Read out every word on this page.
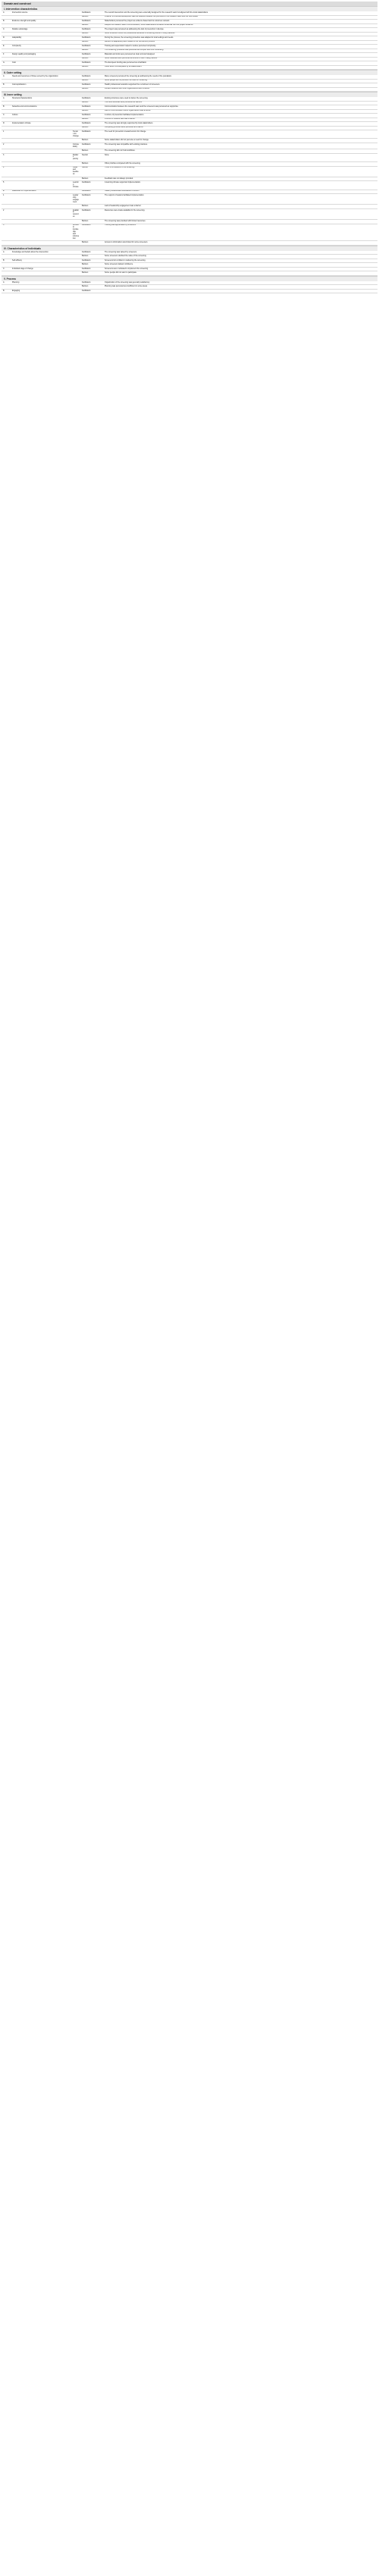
Domain and construct
I. Intervention characteristics
A	Intervention source		Facilitators	The overall intervention and the screening were externally designed for the research team but aligned with the local stakeholders.
			Barriers	A barrier for internal development was the distance between the promoters of the research team and the CDR areas.
B	Evidence strength and quality		Facilitators	Stakeholders perceived the project as evidence based and its outcomes relevant.
			Barriers	Despite the research team's communication, some stakeholders remained unfamiliar with the project evidence.
C	Relative advantage		Facilitators	The project was perceived as addressing the lack of prevention in Europe.
			Barriers	Some screeners found the professional demands of screening difficult in busy practices.
D	Adaptability		Facilitators	During the process, the screening procedure was adapted to local settings and needs.
			Barriers	Barriers to adaptability were related to the recruitment process.
E	Complexity		Facilitators	Training and supervision helped to reduce perceived complexity.
			Barriers	The screening procedure was perceived as complex and time consuming.
F	Design quality and packaging		Facilitators	Materials and tools were perceived as clear and well designed.
			Barriers	Some materials were perceived as difficult to use in daily practice.
G	Cost		Facilitators	The European funding was perceived as a facilitator.
			Barriers	Costs were not anticipated by all stakeholders.
II. Outer setting
A	Needs and resources of those served by the organization		Facilitators	Many screeners perceived the screening as addressing the needs of the population.
			Barriers	Some people did not perceive the need for screening.
B	Cosmopolitanism		Facilitators	Health professional networks supported the recruitment of screeners.
			Barriers	Limited networks with other organizations were a barrier.
III. Inner setting
A	Structural characteristics		Facilitators	Existing structures were used to deliver the screening.
			Barriers	Time and workload were perceived as barriers.
B	Networks and communications		Facilitators	Communication between the research team and the screeners was perceived as supportive.
			Barriers	Lack of communication within organizations was a barrier.
C	Culture		Facilitators	A culture of prevention facilitated implementation.
			Barriers	A focus on curative care was a barrier.
D	Implementation climate		Facilitators	The screening was strongly supported by local stakeholders.
			Barriers	Competing priorities were perceived as a barrier.
1		Tension for change	Facilitators	The need for prevention created tension for change.
			Barriers	Some stakeholders did not perceive a need for change.
2		Compatibility	Facilitators	The screening was compatible with existing practices.
			Barriers	The screening did not fit all workflows.
3		Relative priority	Neutral	None
			Barriers	Other priorities competed with the screening.
4		Goals and feedback	Neutral	There is no advance in the screening.
			Barriers	Feedback was not always provided.
5		Learning climate	Facilitators	A learning climate supported implementation.
E	Readiness for implementation		Facilitators	Health professionals volunteered to screen.
1		Leadership engagement	Facilitators	The support of leaders facilitated implementation.
			Barriers	Lack of leadership engagement was a barrier.
2		Available resources	Facilitators	Resources were made available for the screening.
			Barriers	The screening was provided with limited resources.
3		Access to knowledge and information	Facilitators	Training was appreciated by screeners.
			Barriers	Access to information was limited for some screeners.
IV. Characteristics of individuals
A	Knowledge and beliefs about the intervention		Facilitators	The screening was valued by screeners.
			Barriers	Some screeners doubted the value of the screening.
B	Self-efficacy		Facilitators	Screeners felt confident in delivering the screening.
			Barriers	Some screeners lacked confidence.
C	Individual stage of change		Facilitators	Screeners were motivated to implement the screening.
			Barriers	Some people did not want to participate.
V. Process
A	Planning		Facilitators	Organization of the screening was generally satisfactory.
			Barriers	Planning was perceived as insufficient in some areas.
B	Engaging		Facilitators	
